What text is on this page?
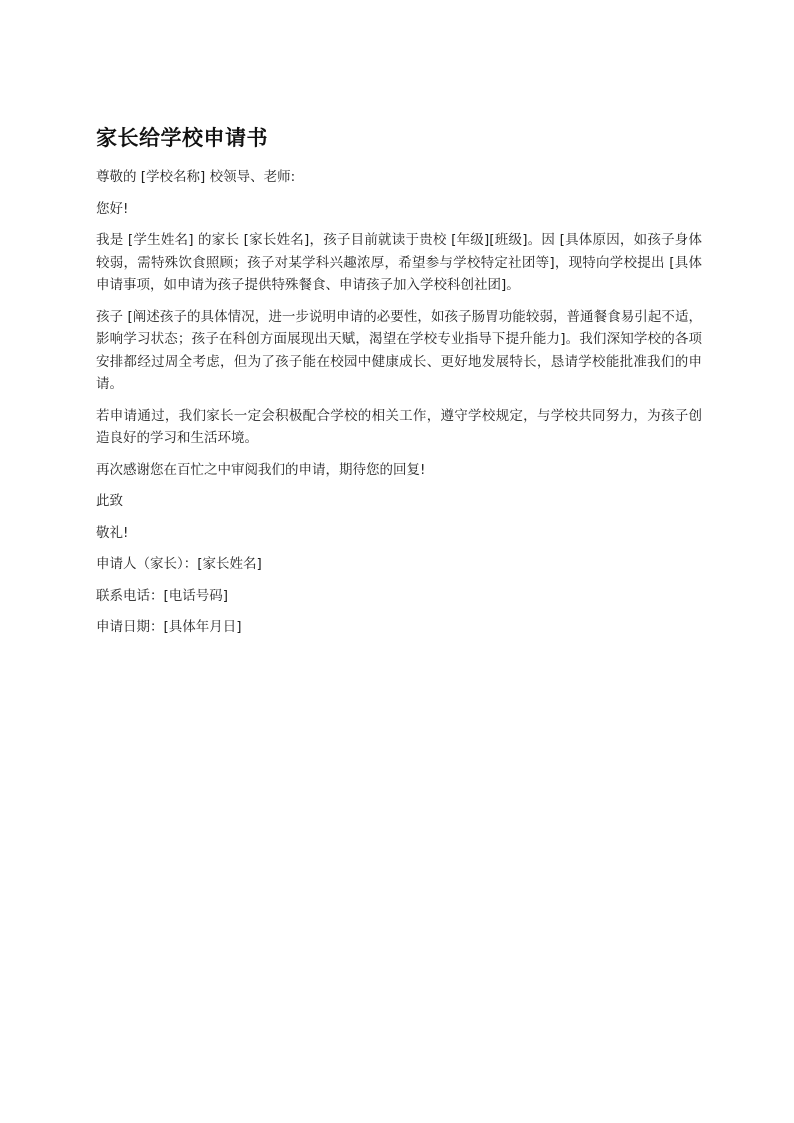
家长给学校申请书

尊敬的 [学校名称] 校领导、老师:

您好!

我是 [学生姓名] 的家长 [家长姓名]，孩子目前就读于贵校 [年级][班级]。因 [具体原因，如孩子身体较弱，需特殊饮食照顾；孩子对某学科兴趣浓厚，希望参与学校特定社团等]，现特向学校提出 [具体申请事项，如申请为孩子提供特殊餐食、申请孩子加入学校科创社团]。

孩子 [阐述孩子的具体情况，进一步说明申请的必要性，如孩子肠胃功能较弱，普通餐食易引起不适，影响学习状态；孩子在科创方面展现出天赋，渴望在学校专业指导下提升能力]。我们深知学校的各项安排都经过周全考虑，但为了孩子能在校园中健康成长、更好地发展特长，恳请学校能批准我们的申请。

若申请通过，我们家长一定会积极配合学校的相关工作，遵守学校规定，与学校共同努力，为孩子创造良好的学习和生活环境。

再次感谢您在百忙之中审阅我们的申请，期待您的回复!

此致

敬礼!

申请人（家长）：[家长姓名]

联系电话：[电话号码]

申请日期：[具体年月日]
